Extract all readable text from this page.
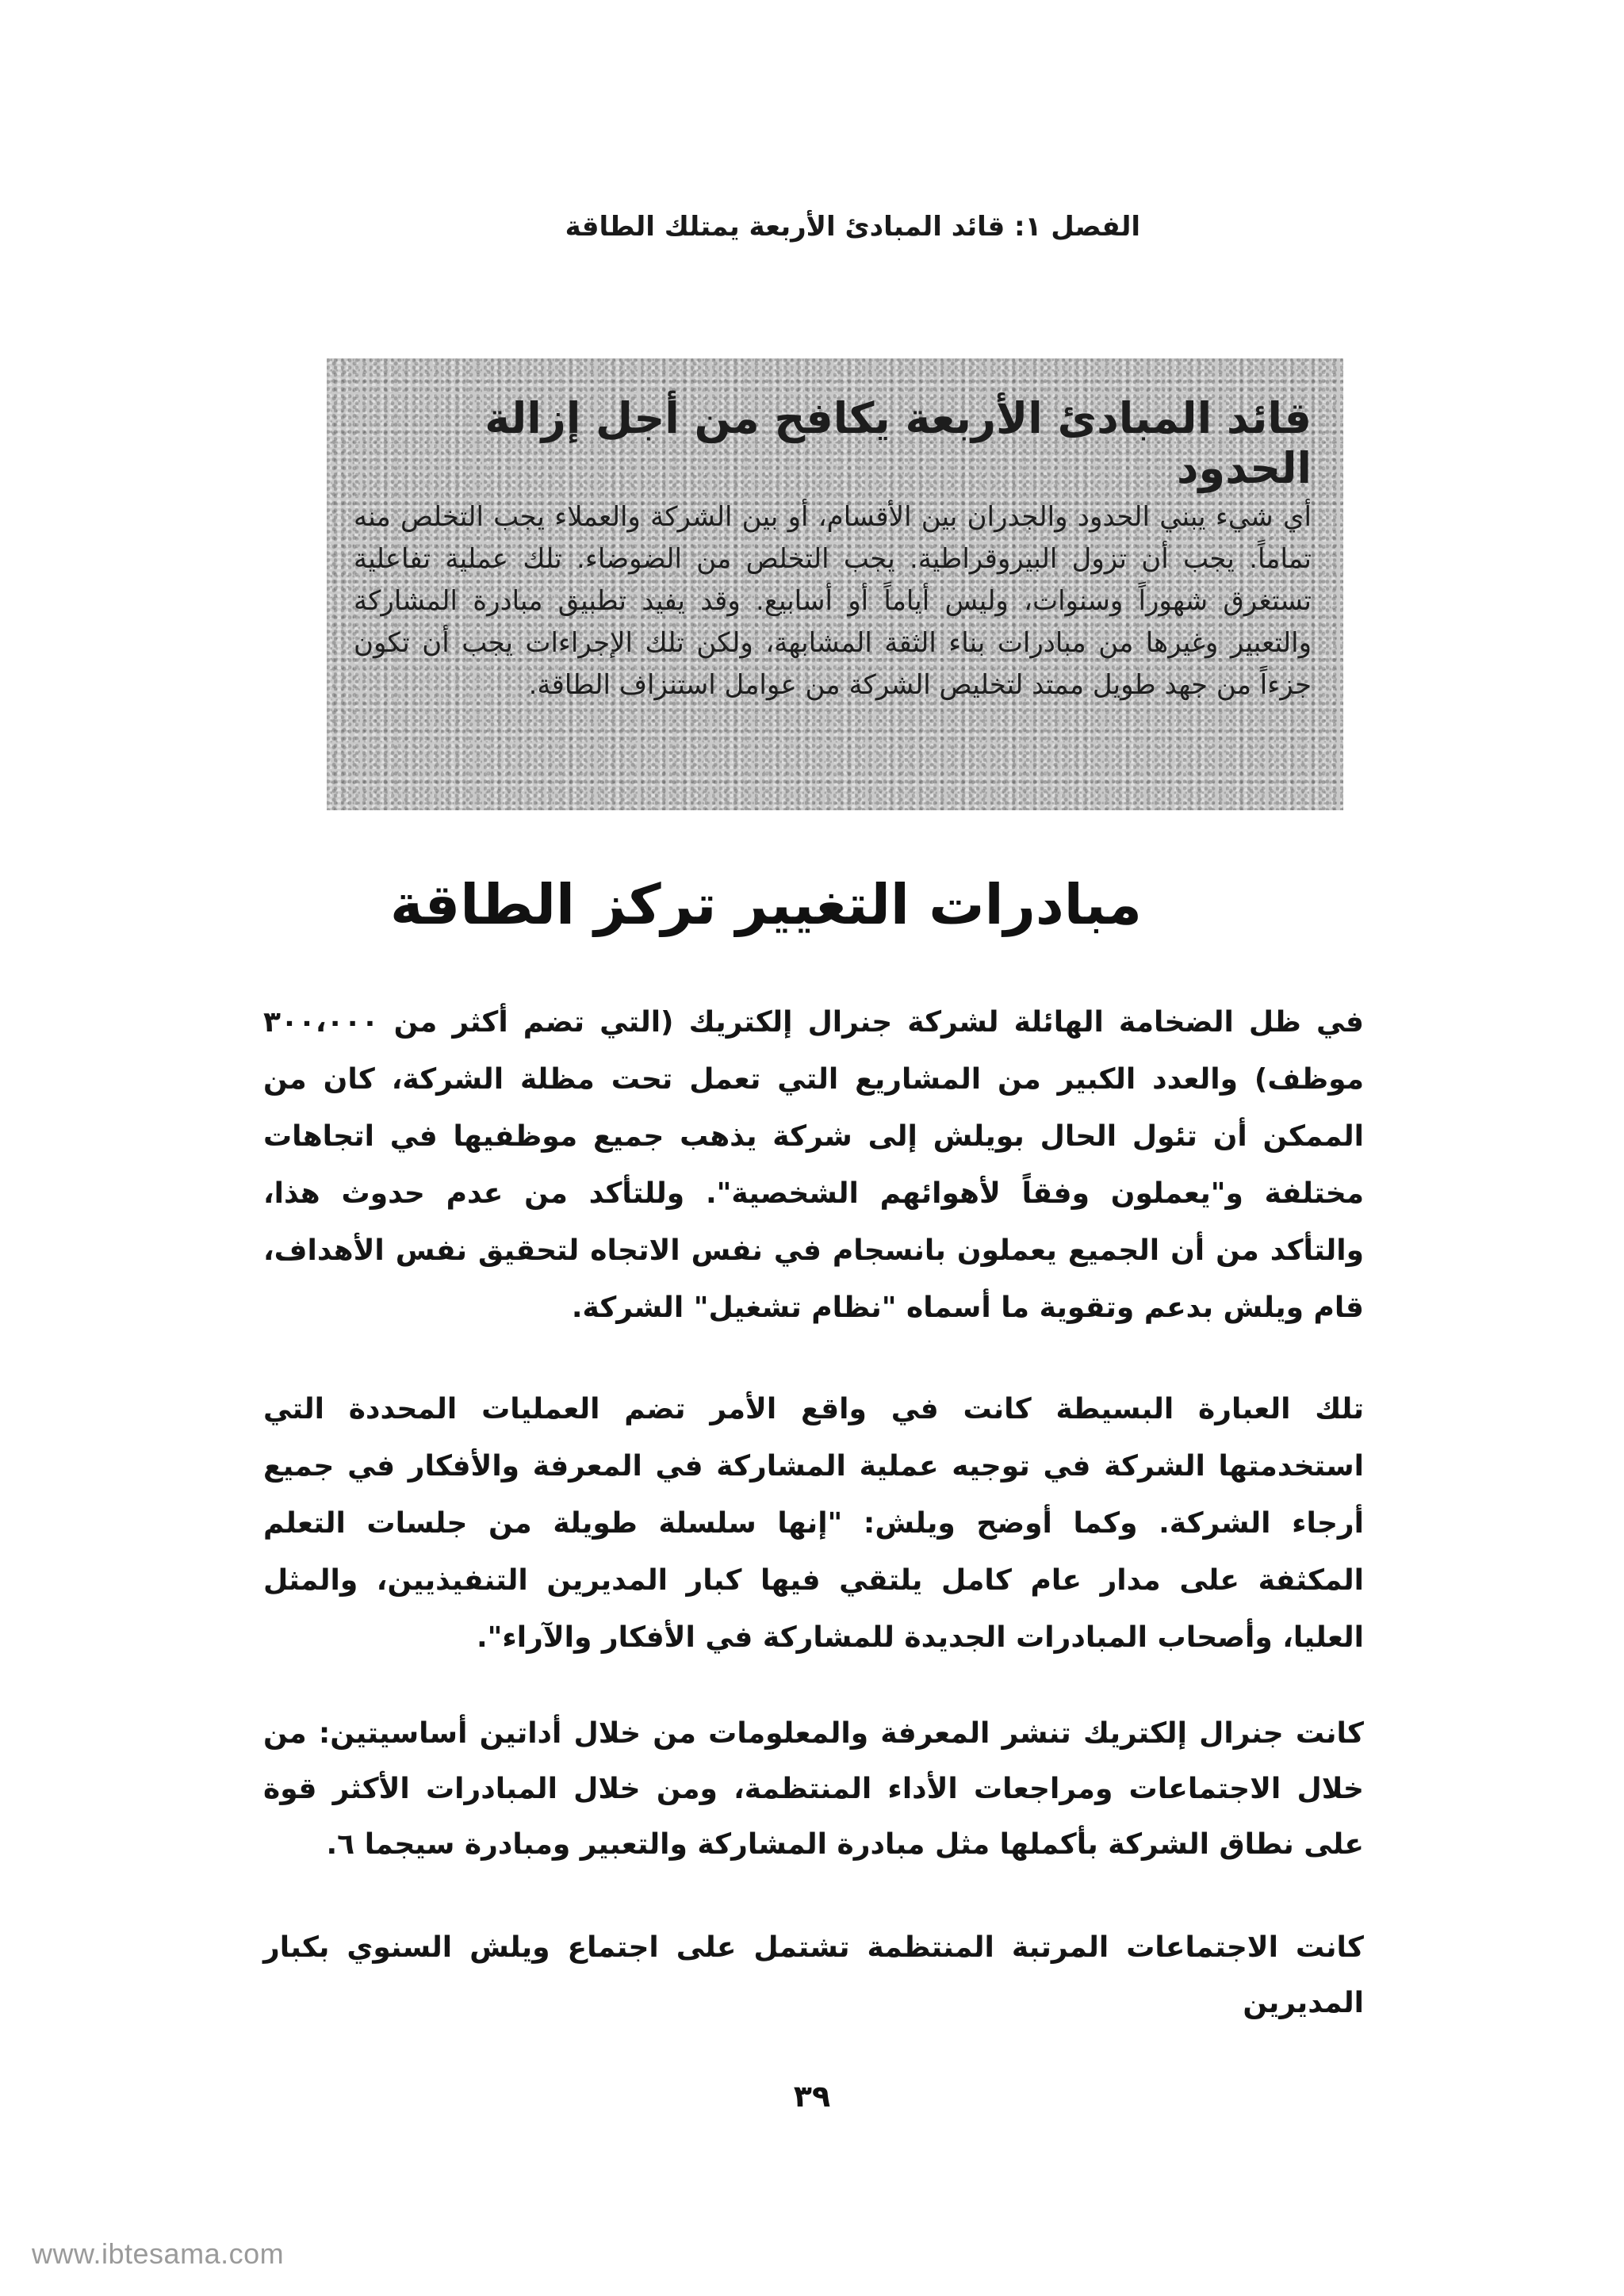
الفصل ١: قائد المبادئ الأربعة يمتلك الطاقة
قائد المبادئ الأربعة يكافح من أجل إزالة الحدود
أي شيء يبني الحدود والجدران بين الأقسام، أو بين الشركة والعملاء يجب التخلص منه تماماً. يجب أن تزول البيروقراطية. يجب التخلص من الضوضاء. تلك عملية تفاعلية تستغرق شهوراً وسنوات، وليس أياماً أو أسابيع. وقد يفيد تطبيق مبادرة المشاركة والتعبير وغيرها من مبادرات بناء الثقة المشابهة، ولكن تلك الإجراءات يجب أن تكون جزءاً من جهد طويل ممتد لتخليص الشركة من عوامل استنزاف الطاقة.
مبادرات التغيير تركز الطاقة
في ظل الضخامة الهائلة لشركة جنرال إلكتريك (التي تضم أكثر من ٣٠٠،٠٠٠ موظف) والعدد الكبير من المشاريع التي تعمل تحت مظلة الشركة، كان من الممكن أن تئول الحال بويلش إلى شركة يذهب جميع موظفيها في اتجاهات مختلفة و"يعملون وفقاً لأهوائهم الشخصية". وللتأكد من عدم حدوث هذا، والتأكد من أن الجميع يعملون بانسجام في نفس الاتجاه لتحقيق نفس الأهداف، قام ويلش بدعم وتقوية ما أسماه "نظام تشغيل" الشركة.
تلك العبارة البسيطة كانت في واقع الأمر تضم العمليات المحددة التي استخدمتها الشركة في توجيه عملية المشاركة في المعرفة والأفكار في جميع أرجاء الشركة. وكما أوضح ويلش: "إنها سلسلة طويلة من جلسات التعلم المكثفة على مدار عام كامل يلتقي فيها كبار المديرين التنفيذيين، والمثل العليا، وأصحاب المبادرات الجديدة للمشاركة في الأفكار والآراء".
كانت جنرال إلكتريك تنشر المعرفة والمعلومات من خلال أداتين أساسيتين: من خلال الاجتماعات ومراجعات الأداء المنتظمة، ومن خلال المبادرات الأكثر قوة على نطاق الشركة بأكملها مثل مبادرة المشاركة والتعبير ومبادرة سيجما ٦.
كانت الاجتماعات المرتبة المنتظمة تشتمل على اجتماع ويلش السنوي بكبار المديرين
٣٩
www.ibtesama.com
